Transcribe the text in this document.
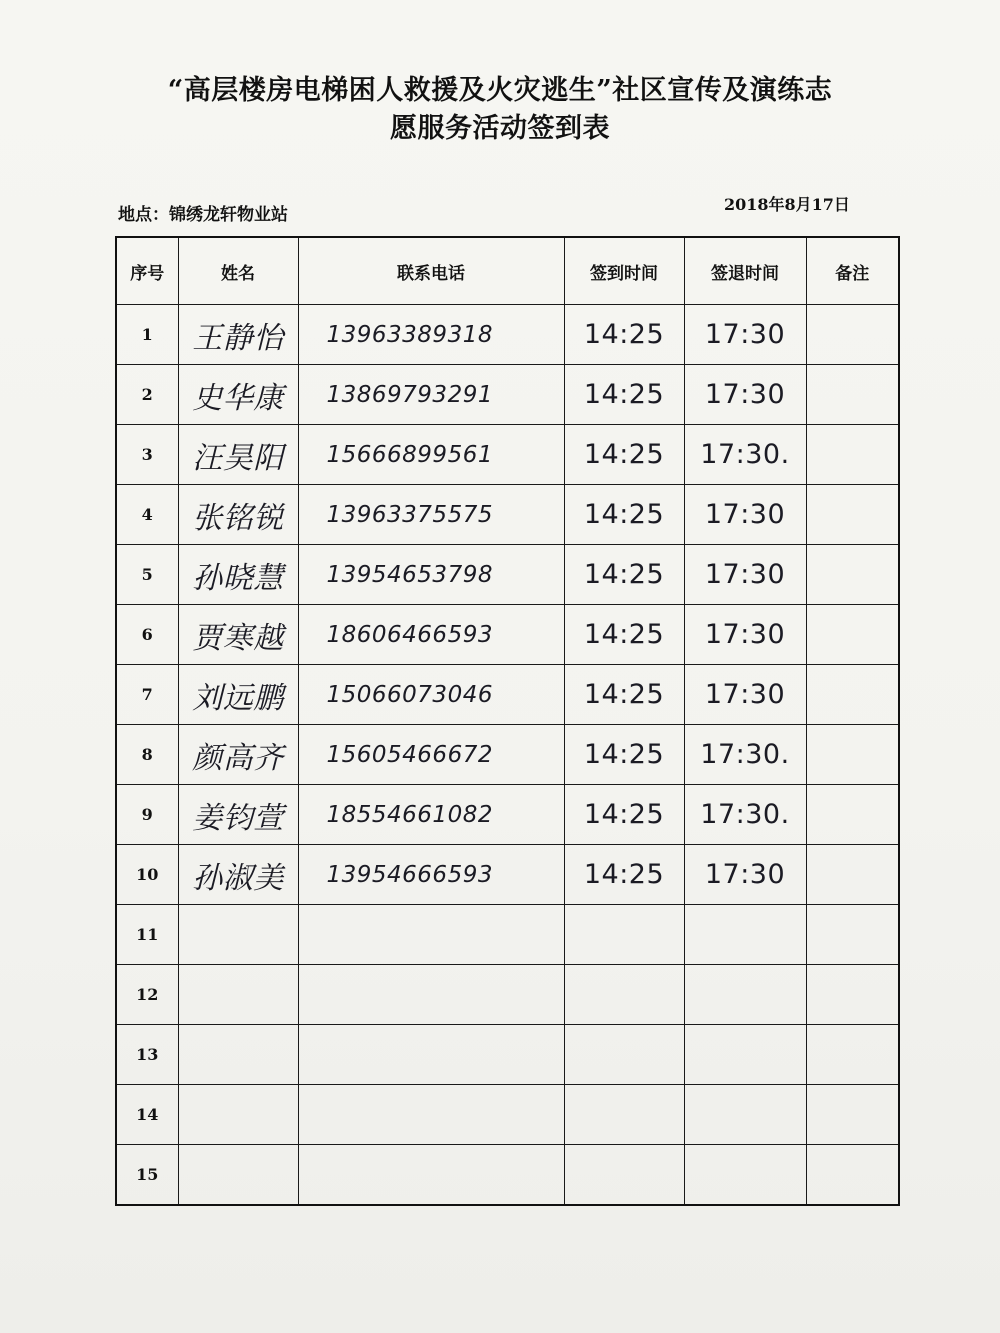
“高层楼房电梯困人救援及火灾逃生”社区宣传及演练志
愿服务活动签到表
地点：锦绣龙轩物业站
2018年8月17日
序号	姓名	联系电话	签到时间	签退时间	备注
1	王静怡	13963389318	14:25	17:30	
2	史华康	13869793291	14:25	17:30	
3	汪昊阳	15666899561	14:25	17:30.	
4	张铭锐	13963375575	14:25	17:30	
5	孙晓慧	13954653798	14:25	17:30	
6	贾寒越	18606466593	14:25	17:30	
7	刘远鹏	15066073046	14:25	17:30	
8	颜高齐	15605466672	14:25	17:30.	
9	姜钧萱	18554661082	14:25	17:30.	
10	孙淑美	13954666593	14:25	17:30	
11					
12					
13					
14					
15					
